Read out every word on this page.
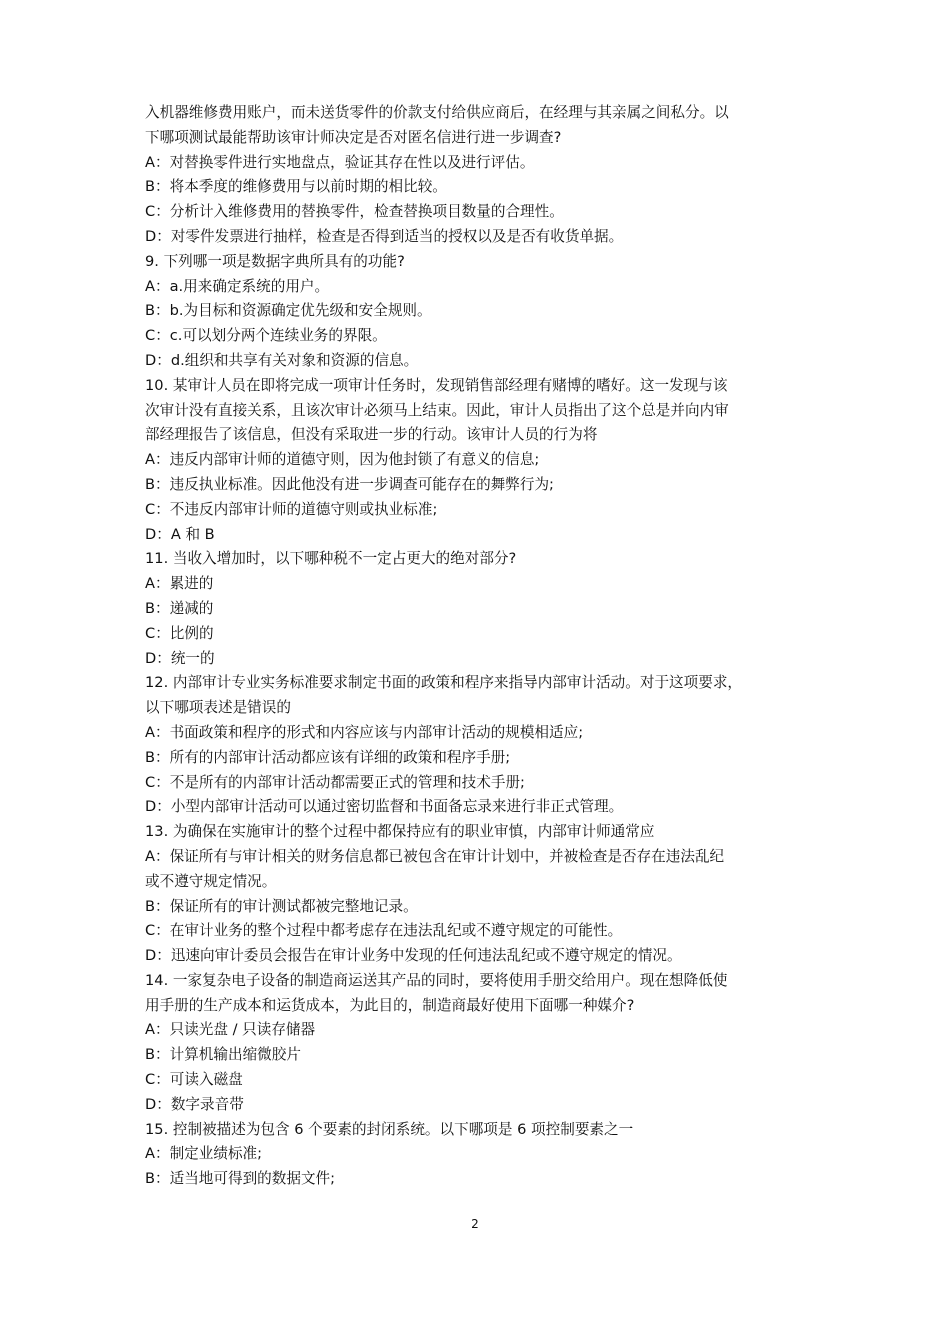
入机器维修费用账户，而未送货零件的价款支付给供应商后，在经理与其亲属之间私分。以
下哪项测试最能帮助该审计师决定是否对匿名信进行进一步调查?
A：对替换零件进行实地盘点，验证其存在性以及进行评估。
B：将本季度的维修费用与以前时期的相比较。
C：分析计入维修费用的替换零件，检查替换项目数量的合理性。
D：对零件发票进行抽样，检查是否得到适当的授权以及是否有收货单据。
9. 下列哪一项是数据字典所具有的功能?
A：a.用来确定系统的用户。
B：b.为目标和资源确定优先级和安全规则。
C：c.可以划分两个连续业务的界限。
D：d.组织和共享有关对象和资源的信息。
10. 某审计人员在即将完成一项审计任务时，发现销售部经理有赌博的嗜好。这一发现与该
次审计没有直接关系，且该次审计必须马上结束。因此，审计人员指出了这个总是并向内审
部经理报告了该信息，但没有采取进一步的行动。该审计人员的行为将
A：违反内部审计师的道德守则，因为他封锁了有意义的信息;
B：违反执业标准。因此他没有进一步调查可能存在的舞弊行为;
C：不违反内部审计师的道德守则或执业标准;
D：A 和 B
11. 当收入增加时，以下哪种税不一定占更大的绝对部分?
A：累进的
B：递减的
C：比例的
D：统一的
12. 内部审计专业实务标准要求制定书面的政策和程序来指导内部审计活动。对于这项要求，
以下哪项表述是错误的
A：书面政策和程序的形式和内容应该与内部审计活动的规模相适应;
B：所有的内部审计活动都应该有详细的政策和程序手册;
C：不是所有的内部审计活动都需要正式的管理和技术手册;
D：小型内部审计活动可以通过密切监督和书面备忘录来进行非正式管理。
13. 为确保在实施审计的整个过程中都保持应有的职业审慎，内部审计师通常应
A：保证所有与审计相关的财务信息都已被包含在审计计划中，并被检查是否存在违法乱纪
或不遵守规定情况。
B：保证所有的审计测试都被完整地记录。
C：在审计业务的整个过程中都考虑存在违法乱纪或不遵守规定的可能性。
D：迅速向审计委员会报告在审计业务中发现的任何违法乱纪或不遵守规定的情况。
14. 一家复杂电子设备的制造商运送其产品的同时，要将使用手册交给用户。现在想降低使
用手册的生产成本和运货成本，为此目的，制造商最好使用下面哪一种媒介?
A：只读光盘 / 只读存储器
B：计算机输出缩微胶片
C：可读入磁盘
D：数字录音带
15. 控制被描述为包含 6 个要素的封闭系统。以下哪项是 6 项控制要素之一
A：制定业绩标准;
B：适当地可得到的数据文件;
2
